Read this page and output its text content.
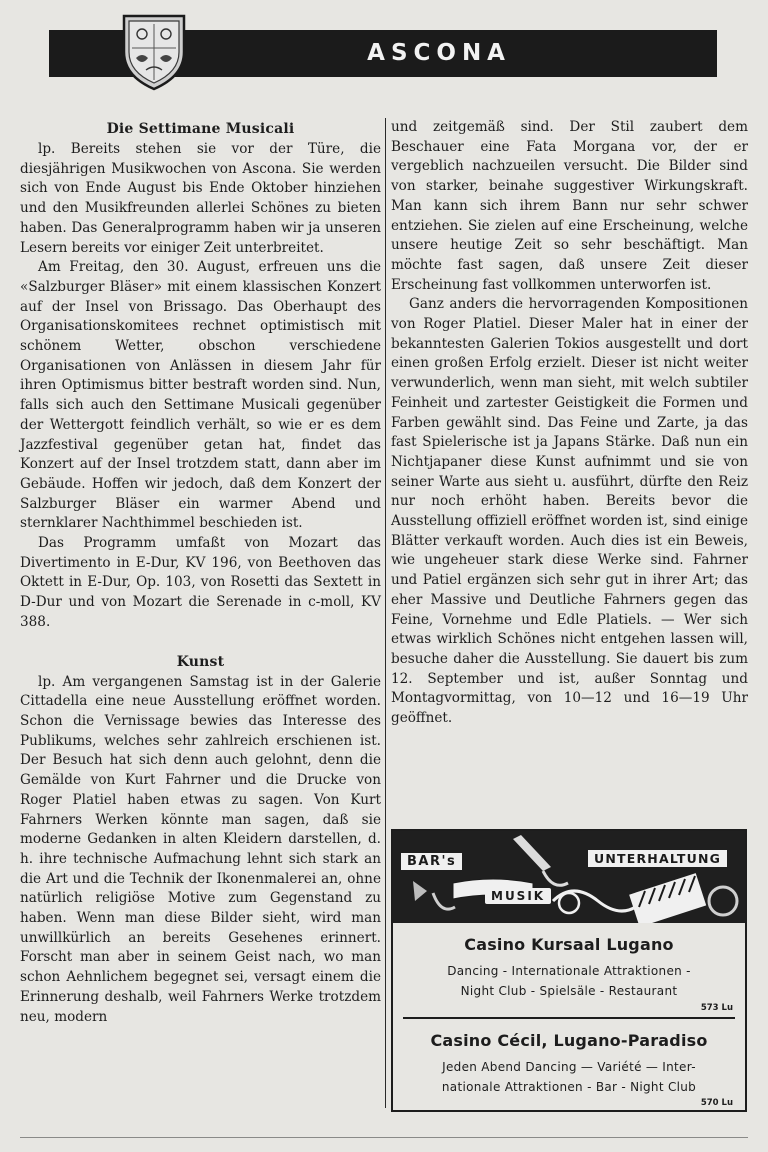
ASCONA
Die Settimane Musicali

lp. Bereits stehen sie vor der Türe, die diesjährigen Musikwochen von Ascona. Sie werden sich von Ende August bis Ende Oktober hinziehen und den Musikfreunden allerlei Schönes zu bieten haben. Das Generalprogramm haben wir ja unseren Lesern bereits vor einiger Zeit unterbreitet.

Am Freitag, den 30. August, erfreuen uns die «Salzburger Bläser» mit einem klassischen Konzert auf der Insel von Brissago. Das Oberhaupt des Organisationskomitees rechnet optimistisch mit schönem Wetter, obschon verschiedene Organisationen von Anlässen in diesem Jahr für ihren Optimismus bitter bestraft worden sind. Nun, falls sich auch den Settimane Musicali gegenüber der Wettergott feindlich verhält, so wie er es dem Jazzfestival gegenüber getan hat, findet das Konzert auf der Insel trotzdem statt, dann aber im Gebäude. Hoffen wir jedoch, daß dem Konzert der Salzburger Bläser ein warmer Abend und sternklarer Nachthimmel beschieden ist.

Das Programm umfaßt von Mozart das Divertimento in E-Dur, KV 196, von Beethoven das Oktett in E-Dur, Op. 103, von Rosetti das Sextett in D-Dur und von Mozart die Serenade in c-moll, KV 388.

Kunst

lp. Am vergangenen Samstag ist in der Galerie Cittadella eine neue Ausstellung eröffnet worden. Schon die Vernissage bewies das Interesse des Publikums, welches sehr zahlreich erschienen ist. Der Besuch hat sich denn auch gelohnt, denn die Gemälde von Kurt Fahrner und die Drucke von Roger Platiel haben etwas zu sagen. Von Kurt Fahrners Werken könnte man sagen, daß sie moderne Gedanken in alten Kleidern darstellen, d. h. ihre technische Aufmachung lehnt sich stark an die Art und die Technik der Ikonenmalerei an, ohne natürlich religiöse Motive zum Gegenstand zu haben. Wenn man diese Bilder sieht, wird man unwillkürlich an bereits Gesehenes erinnert. Forscht man aber in seinem Geist nach, wo man schon Aehnlichem begegnet sei, versagt einem die Erinnerung deshalb, weil Fahrners Werke trotzdem neu, modern

und zeitgemäß sind. Der Stil zaubert dem Beschauer eine Fata Morgana vor, der er vergeblich nachzueilen versucht. Die Bilder sind von starker, beinahe suggestiver Wirkungskraft. Man kann sich ihrem Bann nur sehr schwer entziehen. Sie zielen auf eine Erscheinung, welche unsere heutige Zeit so sehr beschäftigt. Man möchte fast sagen, daß unsere Zeit dieser Erscheinung fast vollkommen unterworfen ist.

Ganz anders die hervorragenden Kompositionen von Roger Platiel. Dieser Maler hat in einer der bekanntesten Galerien Tokios ausgestellt und dort einen großen Erfolg erzielt. Dieser ist nicht weiter verwunderlich, wenn man sieht, mit welch subtiler Feinheit und zartester Geistigkeit die Formen und Farben gewählt sind. Das Feine und Zarte, ja das fast Spielerische ist ja Japans Stärke. Daß nun ein Nichtjapaner diese Kunst aufnimmt und sie von seiner Warte aus sieht u. ausführt, dürfte den Reiz nur noch erhöht haben. Bereits bevor die Ausstellung offiziell eröffnet worden ist, sind einige Blätter verkauft worden. Auch dies ist ein Beweis, wie ungeheuer stark diese Werke sind. Fahrner und Patiel ergänzen sich sehr gut in ihrer Art; das eher Massive und Deutliche Fahrners gegen das Feine, Vornehme und Edle Platiels. — Wer sich etwas wirklich Schönes nicht entgehen lassen will, besuche daher die Ausstellung. Sie dauert bis zum 12. September und ist, außer Sonntag und Montagvormittag, von 10—12 und 16—19 Uhr geöffnet.

BAR's	UNTERHALTUNG
MUSIK
Casino Kursaal Lugano
Dancing - Internationale Attraktionen -
Night Club - Spielsäle - Restaurant
573 Lu
Casino Cécil, Lugano-Paradiso
Jeden Abend Dancing — Variété — Inter-
nationale Attraktionen - Bar - Night Club
570 Lu
